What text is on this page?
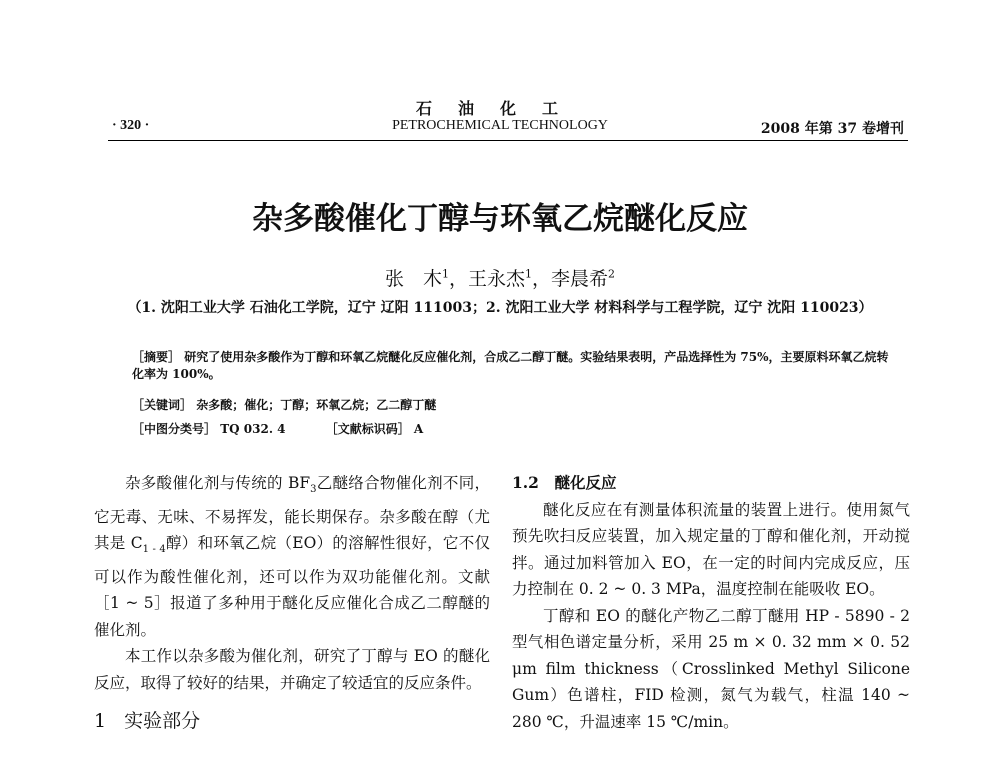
石油化工
· 320 ·	PETROCHEMICAL TECHNOLOGY	2008 年第 37 卷增刊
杂多酸催化丁醇与环氧乙烷醚化反应
张　木$^1$，王永杰$^1$，李晨希$^2$
（1. 沈阳工业大学 石油化工学院，辽宁 辽阳 111003；2. 沈阳工业大学 材料科学与工程学院，辽宁 沈阳 110023）
［摘要］ 研究了使用杂多酸作为丁醇和环氧乙烷醚化反应催化剂，合成乙二醇丁醚。实验结果表明，产品选择性为 75%，主要原料环氧乙烷转化率为 100%。
［关键词］ 杂多酸；催化；丁醇；环氧乙烷；乙二醇丁醚
［中图分类号］ TQ 032. 4	［文献标识码］ A

杂多酸催化剂与传统的 $BF_3$乙醚络合物催化剂不同，它无毒、无味、不易挥发，能长期保存。杂多酸在醇（尤其是 $C_{1 - 4}$醇）和环氧乙烷（EO）的溶解性很好，它不仅可以作为酸性催化剂，还可以作为双功能催化剂。文献［1 ~ 5］报道了多种用于醚化反应催化合成乙二醇醚的催化剂。

本工作以杂多酸为催化剂，研究了丁醇与 EO 的醚化反应，取得了较好的结果，并确定了较适宜的反应条件。

1 实验部分

1.2　醚化反应

醚化反应在有测量体积流量的装置上进行。使用氮气预先吹扫反应装置，加入规定量的丁醇和催化剂，开动搅拌。通过加料管加入 EO，在一定的时间内完成反应，压力控制在 0. 2 ~ 0. 3 MPa，温度控制在能吸收 EO。

丁醇和 EO 的醚化产物乙二醇丁醚用 HP - 5890 - 2 型气相色谱定量分析，采用 25 m × 0. 32 mm × 0. 52 μm film thickness（Crosslinked Methyl Silicone Gum）色谱柱，FID 检测，氮气为载气，柱温 140 ~ 280 ℃，升温速率 15 ℃/min。
